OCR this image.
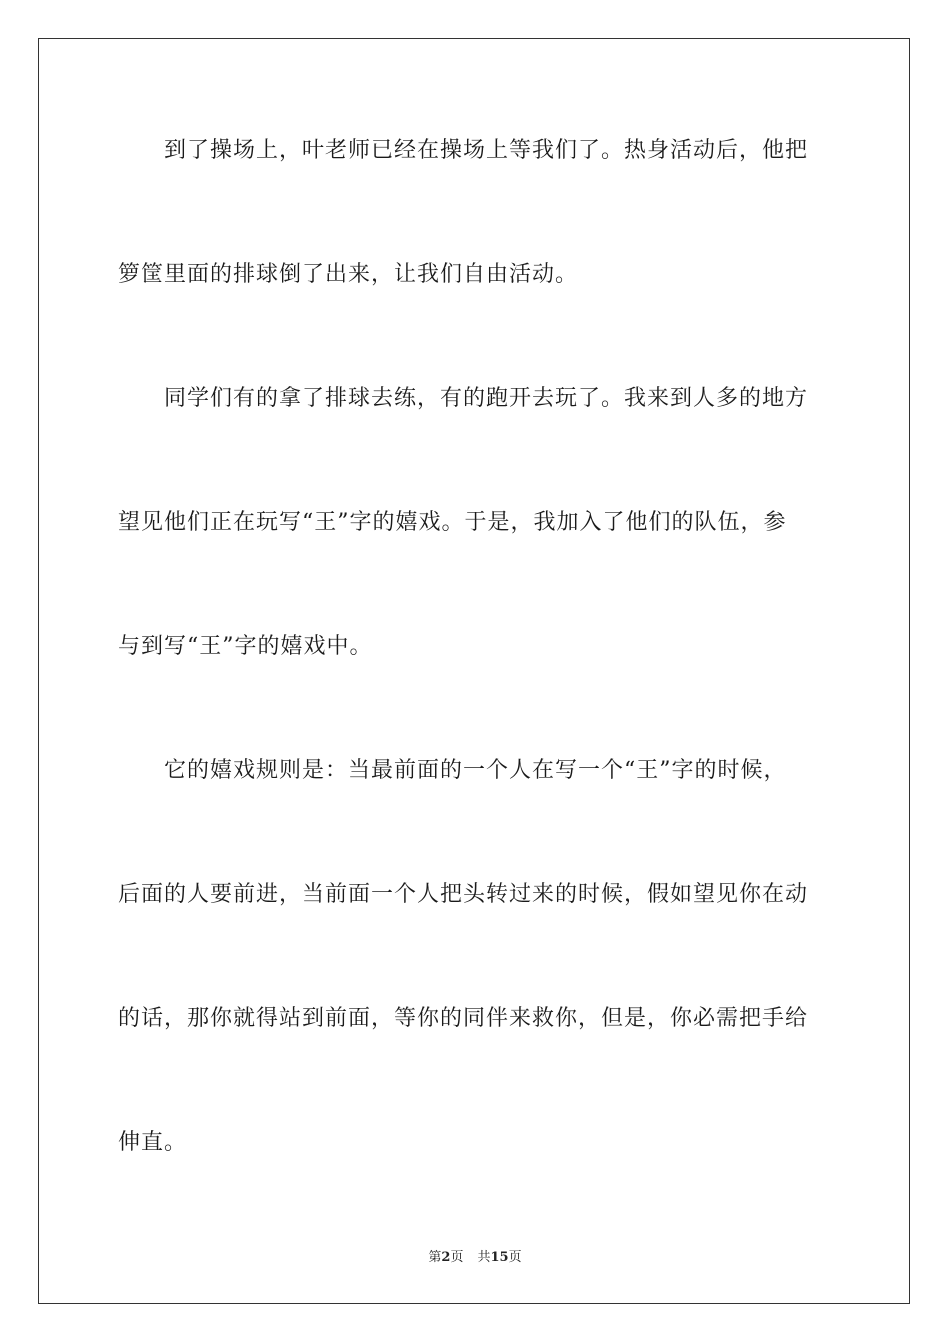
到了操场上，叶老师已经在操场上等我们了。热身活动后，他把
箩筐里面的排球倒了出来，让我们自由活动。
同学们有的拿了排球去练，有的跑开去玩了。我来到人多的地方
望见他们正在玩写“王”字的嬉戏。于是，我加入了他们的队伍，参
与到写“王”字的嬉戏中。
它的嬉戏规则是：当最前面的一个人在写一个“王”字的时候，
后面的人要前进，当前面一个人把头转过来的时候，假如望见你在动
的话，那你就得站到前面，等你的同伴来救你，但是，你必需把手给
伸直。
第2页 共15页
